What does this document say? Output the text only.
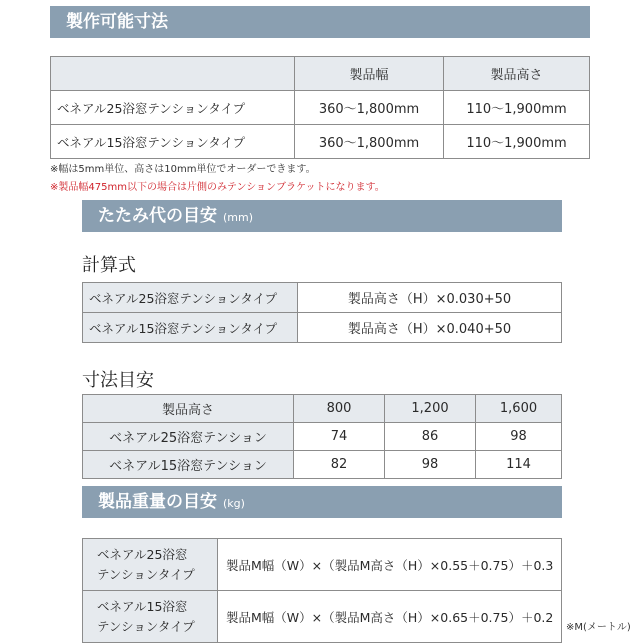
製作可能寸法
	製品幅	製品高さ
ベネアル25浴窓テンションタイプ	360～1,800mm	110～1,900mm
ベネアル15浴窓テンションタイプ	360～1,800mm	110～1,900mm
※幅は5mm単位、高さは10mm単位でオーダーできます。
※製品幅475mm以下の場合は片側のみテンションブラケットになります。
たたみ代の目安 (mm)
計算式
ベネアル25浴窓テンションタイプ	製品高さ（H）×0.030+50
ベネアル15浴窓テンションタイプ	製品高さ（H）×0.040+50
寸法目安
製品高さ	800	1,200	1,600
ベネアル25浴窓テンション	74	86	98
ベネアル15浴窓テンション	82	98	114
製品重量の目安 (kg)
ベネアル25浴窓
テンションタイプ	製品M幅（W）×（製品M高さ（H）×0.55＋0.75）＋0.3

ベネアル15浴窓
テンションタイプ	製品M幅（W）×（製品M高さ（H）×0.65＋0.75）＋0.2
※M(メートル)
